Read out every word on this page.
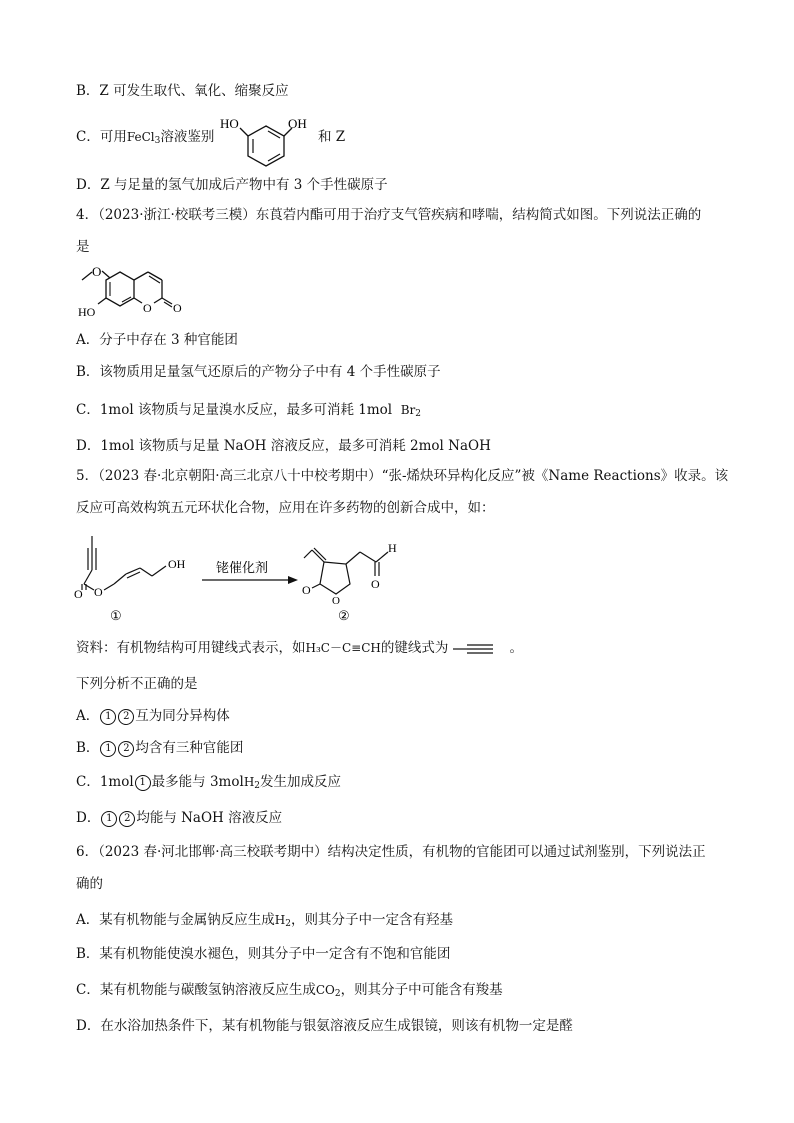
B．Z 可发生取代、氧化、缩聚反应
C．可用FeCl$_3$溶液鉴别
HO	OH
和 Z
D．Z 与足量的氢气加成后产物中有 3 个手性碳原子
4．（2023·浙江·校联考三模）东莨菪内酯可用于治疗支气管疾病和哮喘，结构简式如图。下列说法正确的
是
O
O O
HO
A．分子中存在 3 种官能团
B．该物质用足量氢气还原后的产物分子中有 4 个手性碳原子
C．1mol 该物质与足量溴水反应，最多可消耗 1mol $Br_2$
D．1mol 该物质与足量 NaOH 溶液反应，最多可消耗 2mol NaOH
5．（2023 春·北京朝阳·高三北京八十中校考期中）“张-烯炔环异构化反应”被《Name Reactions》收录。该
反应可高效构筑五元环状化合物，应用在许多药物的创新合成中，如：
O O
OH
①
铑催化剂
O
O
O
H
②
资料：有机物结构可用键线式表示，如H₃C－C≡CH的键线式为	。
下列分析不正确的是
A． 1 2 互为同分异构体
B． 1 2 均含有三种官能团
C．1mol 1 最多能与 3molH$_2$发生加成反应
D． 1 2 均能与 NaOH 溶液反应
6．（2023 春·河北邯郸·高三校联考期中）结构决定性质，有机物的官能团可以通过试剂鉴别，下列说法正
确的
A．某有机物能与金属钠反应生成$H_2$，则其分子中一定含有羟基
B．某有机物能使溴水褪色，则其分子中一定含有不饱和官能团
C．某有机物能与碳酸氢钠溶液反应生成$CO_2$，则其分子中可能含有羧基
D．在水浴加热条件下，某有机物能与银氨溶液反应生成银镜，则该有机物一定是醛
